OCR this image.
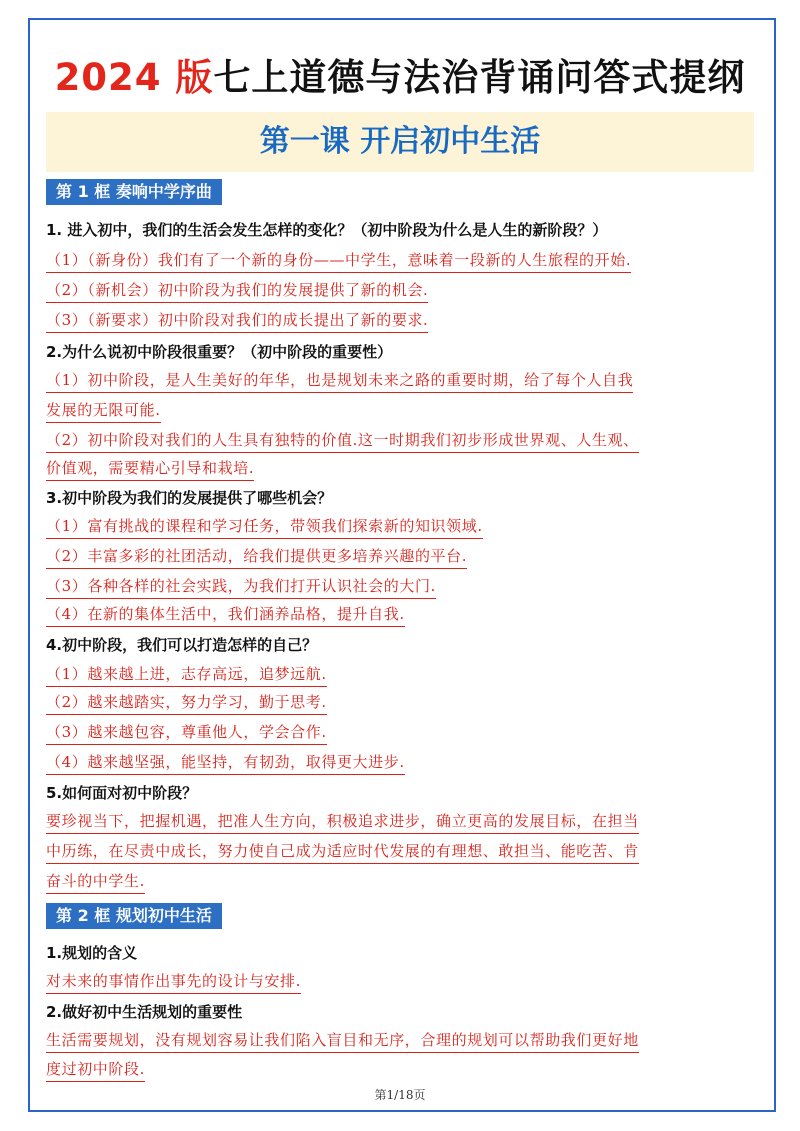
2024 版七上道德与法治背诵问答式提纲
第一课 开启初中生活
第 1 框 奏响中学序曲
1. 进入初中，我们的生活会发生怎样的变化？（初中阶段为什么是人生的新阶段？）
（1）（新身份）我们有了一个新的身份——中学生，意味着一段新的人生旅程的开始.
（2）（新机会）初中阶段为我们的发展提供了新的机会.
（3）（新要求）初中阶段对我们的成长提出了新的要求.
2.为什么说初中阶段很重要？（初中阶段的重要性）
（1）初中阶段，是人生美好的年华，也是规划未来之路的重要时期，给了每个人自我
发展的无限可能.
（2）初中阶段对我们的人生具有独特的价值.这一时期我们初步形成世界观、人生观、
价值观，需要精心引导和栽培.
3.初中阶段为我们的发展提供了哪些机会？
（1）富有挑战的课程和学习任务，带领我们探索新的知识领域.
（2）丰富多彩的社团活动，给我们提供更多培养兴趣的平台.
（3）各种各样的社会实践，为我们打开认识社会的大门.
（4）在新的集体生活中，我们涵养品格，提升自我.
4.初中阶段，我们可以打造怎样的自己？
（1）越来越上进，志存高远，追梦远航.
（2）越来越踏实，努力学习，勤于思考.
（3）越来越包容，尊重他人，学会合作.
（4）越来越坚强，能坚持，有韧劲，取得更大进步.
5.如何面对初中阶段？
要珍视当下，把握机遇，把准人生方向，积极追求进步，确立更高的发展目标，在担当
中历练，在尽责中成长，努力使自己成为适应时代发展的有理想、敢担当、能吃苦、肯
奋斗的中学生.
第 2 框 规划初中生活
1.规划的含义
对未来的事情作出事先的设计与安排.
2.做好初中生活规划的重要性
生活需要规划，没有规划容易让我们陷入盲目和无序，合理的规划可以帮助我们更好地
度过初中阶段.
第1/18页
